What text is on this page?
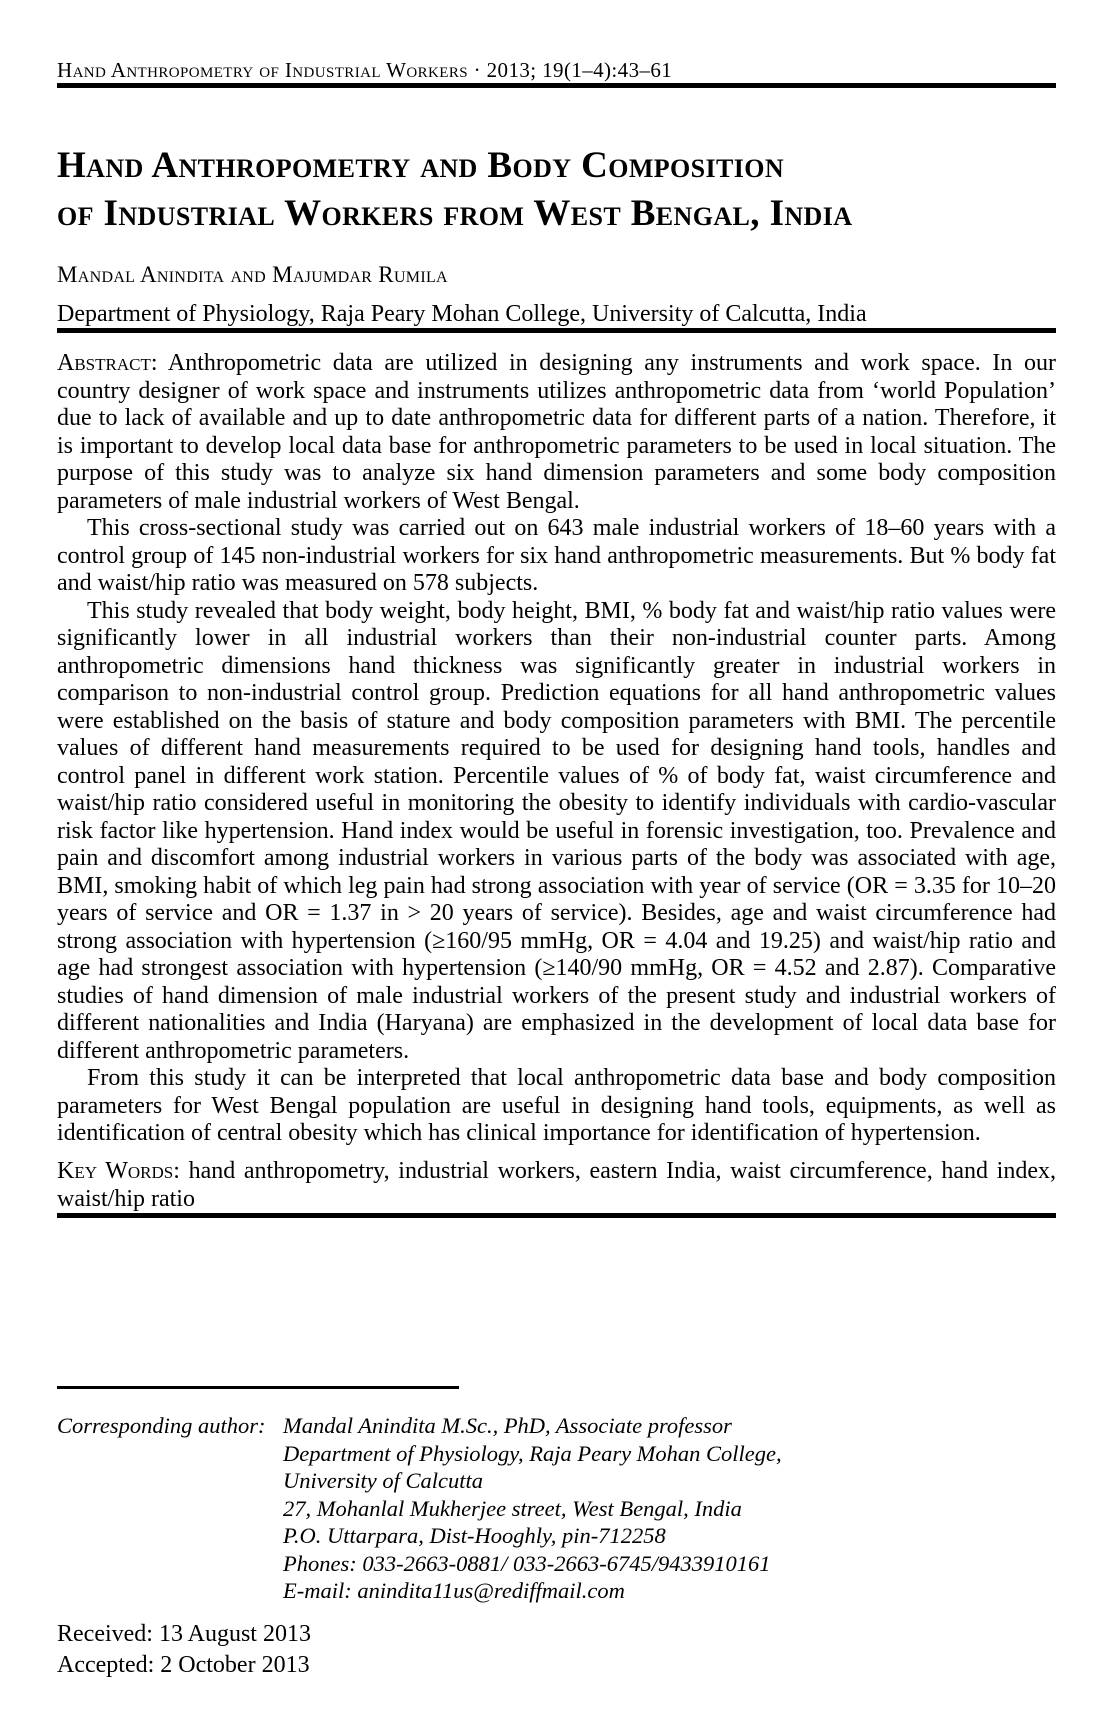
Hand Anthropometry of Industrial Workers · 2013; 19(1–4):43–61
Hand Anthropometry and Body Composition
of Industrial Workers from West Bengal, India
Mandal Anindita and Majumdar Rumila
Department of Physiology, Raja Peary Mohan College, University of Calcutta, India

Abstract: Anthropometric data are utilized in designing any instruments and work space. In our country designer of work space and instruments utilizes anthropometric data from ‘world Population’ due to lack of available and up to date anthropometric data for different parts of a nation. Therefore, it is important to develop local data base for anthropometric parameters to be used in local situation. The purpose of this study was to analyze six hand dimension parameters and some body composition parameters of male industrial workers of West Bengal.

This cross-sectional study was carried out on 643 male industrial workers of 18–60 years with a control group of 145 non-industrial workers for six hand anthropometric measurements. But % body fat and waist/hip ratio was measured on 578 subjects.

This study revealed that body weight, body height, BMI, % body fat and waist/hip ratio values were significantly lower in all industrial workers than their non-industrial counter parts. Among anthropometric dimensions hand thickness was significantly greater in industrial workers in comparison to non-industrial control group. Prediction equations for all hand anthropometric values were established on the basis of stature and body composition parameters with BMI. The percentile values of different hand measurements required to be used for designing hand tools, handles and control panel in different work station. Percentile values of % of body fat, waist circumference and waist/hip ratio considered useful in monitoring the obesity to identify individuals with cardio-vascular risk factor like hypertension. Hand index would be useful in forensic investigation, too. Prevalence and pain and discomfort among industrial workers in various parts of the body was associated with age, BMI, smoking habit of which leg pain had strong association with year of service (OR = 3.35 for 10–20 years of service and OR = 1.37 in > 20 years of service). Besides, age and waist circumference had strong association with hypertension (≥160/95 mmHg, OR = 4.04 and 19.25) and waist/hip ratio and age had strongest association with hypertension (≥140/90 mmHg, OR = 4.52 and 2.87). Comparative studies of hand dimension of male industrial workers of the present study and industrial workers of different nationalities and India (Haryana) are emphasized in the development of local data base for different anthropometric parameters.

From this study it can be interpreted that local anthropometric data base and body composition parameters for West Bengal population are useful in designing hand tools, equipments, as well as identification of central obesity which has clinical importance for identification of hypertension.

Key Words: hand anthropometry, industrial workers, eastern India, waist circumference, hand index, waist/hip ratio

Corresponding author: Mandal Anindita M.Sc., PhD, Associate professor
Department of Physiology, Raja Peary Mohan College,
University of Calcutta
27, Mohanlal Mukherjee street, West Bengal, India
P.O. Uttarpara, Dist-Hooghly, pin-712258
Phones: 033-2663-0881/ 033-2663-6745/9433910161
E-mail: anindita11us@rediffmail.com
Received: 13 August 2013
Accepted: 2 October 2013
